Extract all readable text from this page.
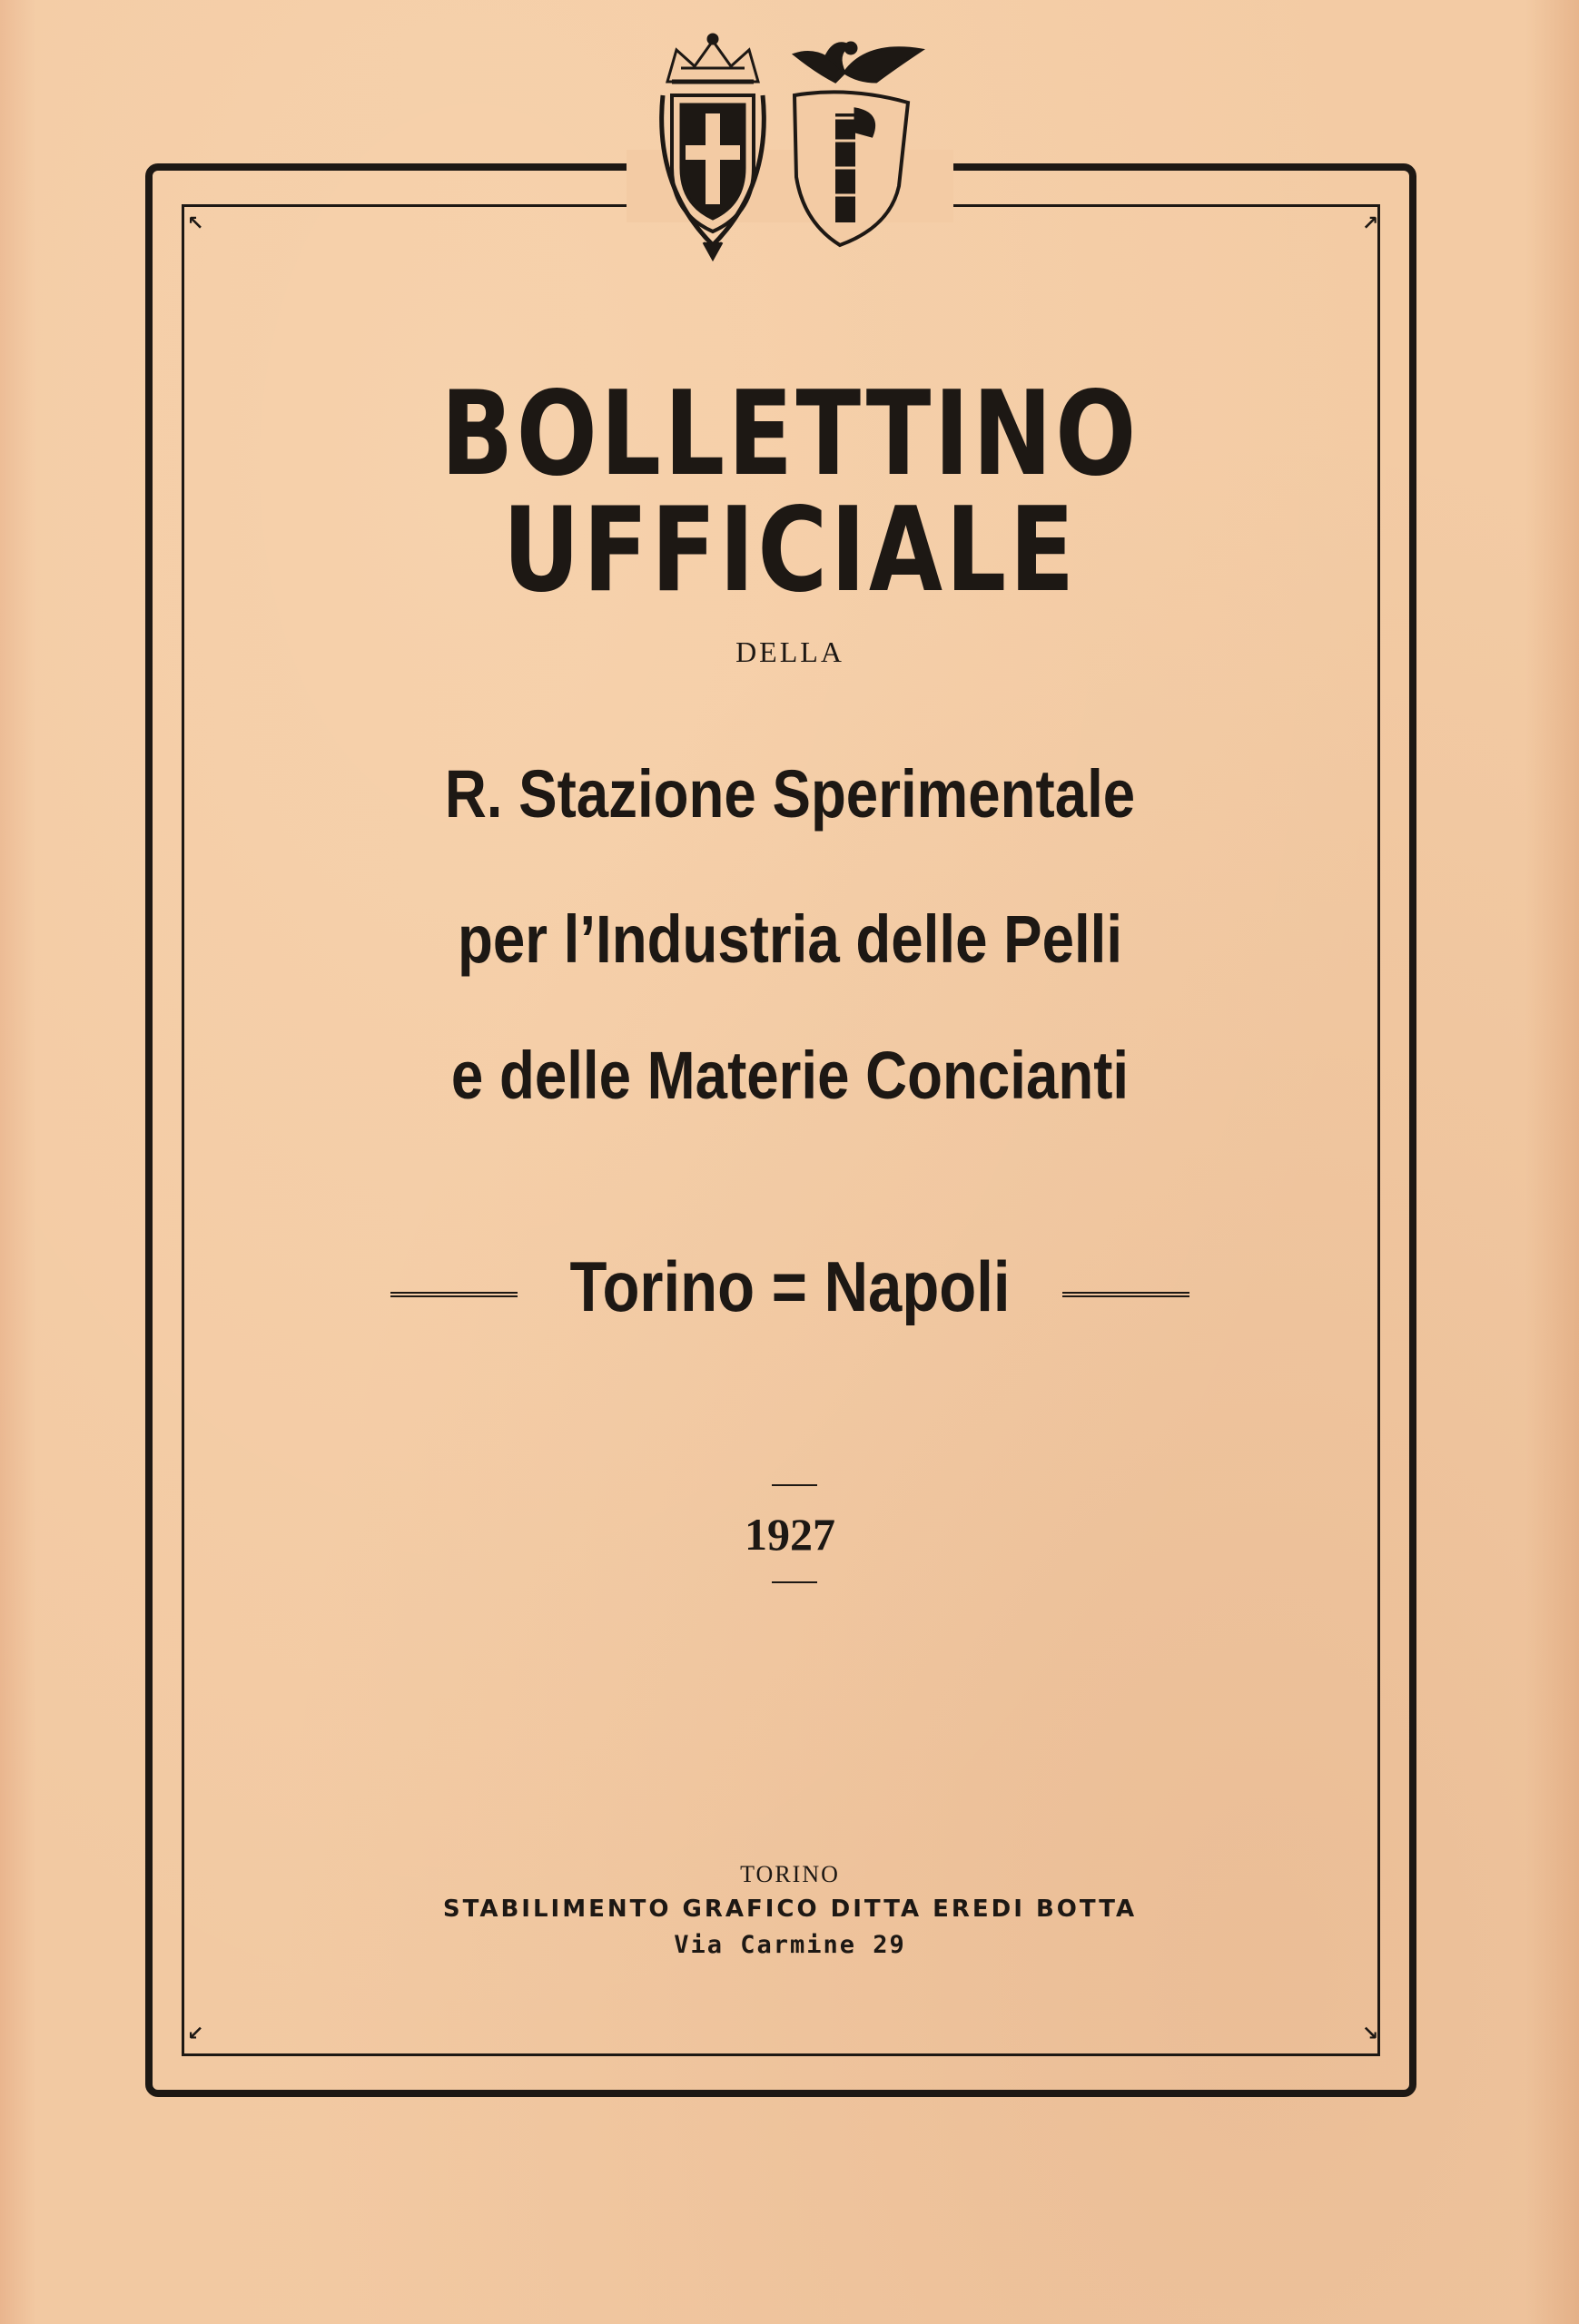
↖	↗
↙	↘
BOLLETTINO UFFICIALE
DELLA
R. Stazione Sperimentale
per l’Industria delle Pelli
e delle Materie Concianti
Torino = Napoli
1927
TORINO
STABILIMENTO GRAFICO DITTA EREDI BOTTA
Via Carmine 29
